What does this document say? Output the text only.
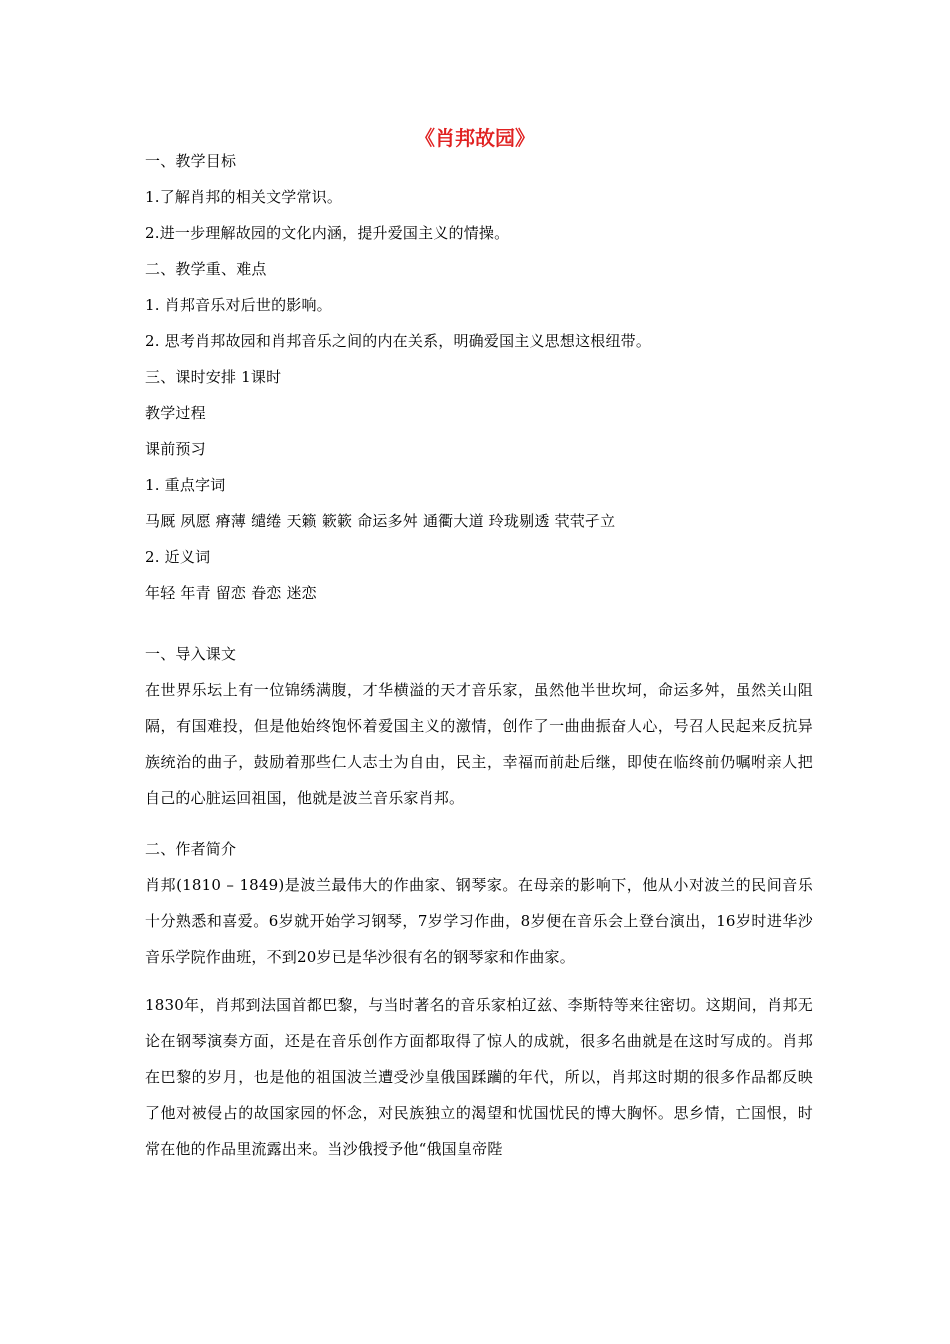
《肖邦故园》
一、教学目标
1.了解肖邦的相关文学常识。
2.进一步理解故园的文化内涵，提升爱国主义的情操。
二、教学重、难点
1. 肖邦音乐对后世的影响。
2. 思考肖邦故园和肖邦音乐之间的内在关系，明确爱国主义思想这根纽带。
三、课时安排 1课时
教学过程
课前预习
1. 重点字词
马厩 夙愿 瘠薄 缱绻 天籁 簌簌 命运多舛 通衢大道 玲珑剔透 茕茕孑立
2. 近义词
年轻 年青 留恋 眷恋 迷恋
一、导入课文
在世界乐坛上有一位锦绣满腹，才华横溢的天才音乐家，虽然他半世坎坷，命运多舛，虽然关山阻隔，有国难投，但是他始终饱怀着爱国主义的激情，创作了一曲曲振奋人心，号召人民起来反抗异族统治的曲子，鼓励着那些仁人志士为自由，民主，幸福而前赴后继，即使在临终前仍嘱咐亲人把自己的心脏运回祖国，他就是波兰音乐家肖邦。
二、作者简介
肖邦(1810 – 1849)是波兰最伟大的作曲家、钢琴家。在母亲的影响下，他从小对波兰的民间音乐十分熟悉和喜爱。6岁就开始学习钢琴，7岁学习作曲，8岁便在音乐会上登台演出，16岁时进华沙音乐学院作曲班，不到20岁已是华沙很有名的钢琴家和作曲家。
1830年，肖邦到法国首都巴黎，与当时著名的音乐家柏辽兹、李斯特等来往密切。这期间，肖邦无论在钢琴演奏方面，还是在音乐创作方面都取得了惊人的成就，很多名曲就是在这时写成的。肖邦在巴黎的岁月，也是他的祖国波兰遭受沙皇俄国蹂躏的年代，所以，肖邦这时期的很多作品都反映了他对被侵占的故国家园的怀念，对民族独立的渴望和忧国忧民的博大胸怀。思乡情，亡国恨，时常在他的作品里流露出来。当沙俄授予他“俄国皇帝陛
